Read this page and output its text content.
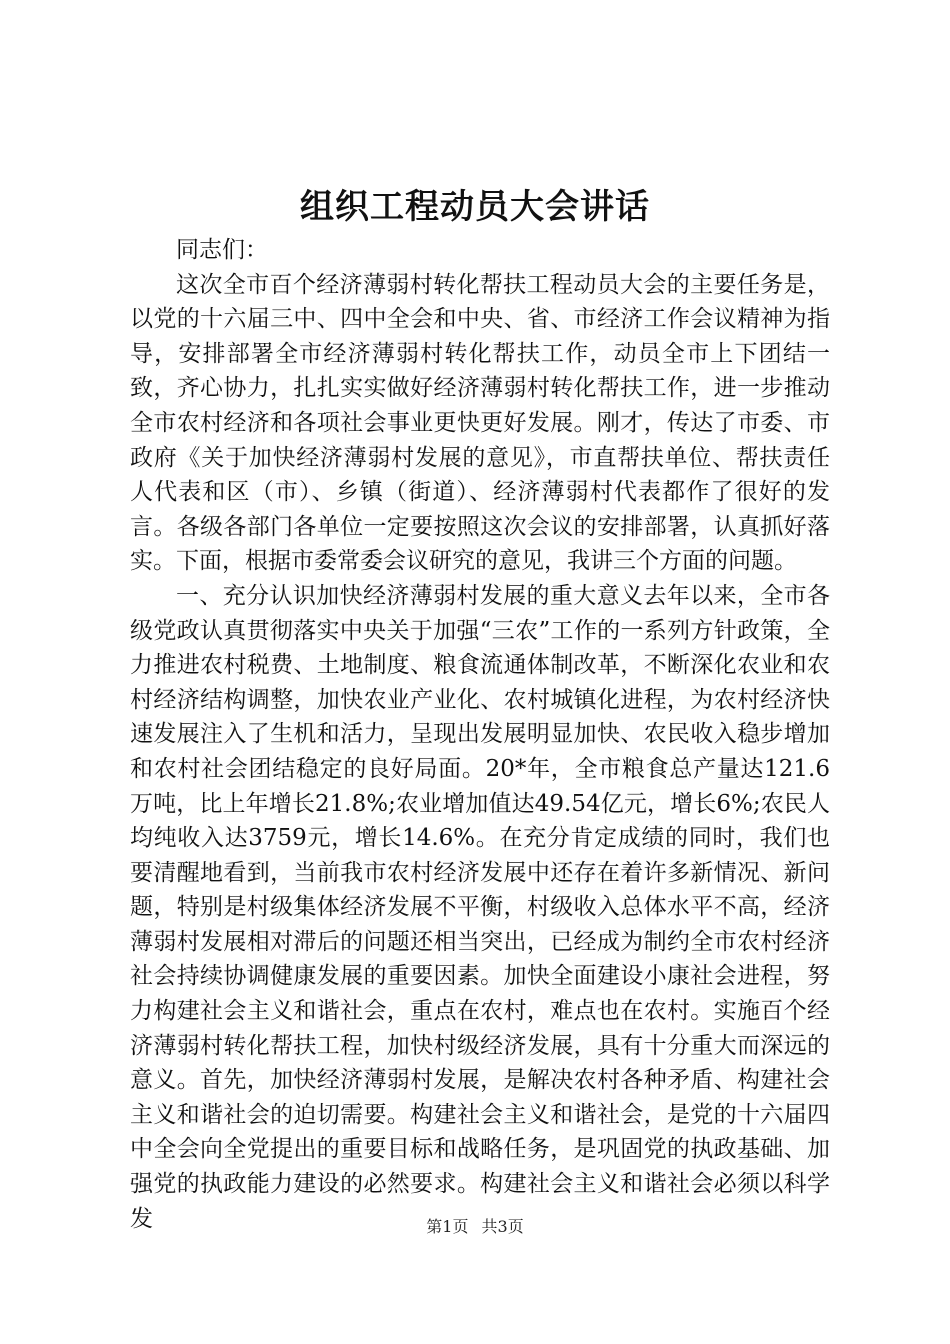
组织工程动员大会讲话

同志们：

这次全市百个经济薄弱村转化帮扶工程动员大会的主要任务是，以党的十六届三中、四中全会和中央、省、市经济工作会议精神为指导，安排部署全市经济薄弱村转化帮扶工作，动员全市上下团结一致，齐心协力，扎扎实实做好经济薄弱村转化帮扶工作，进一步推动全市农村经济和各项社会事业更快更好发展。刚才，传达了市委、市政府《关于加快经济薄弱村发展的意见》，市直帮扶单位、帮扶责任人代表和区（市）、乡镇（街道）、经济薄弱村代表都作了很好的发言。各级各部门各单位一定要按照这次会议的安排部署，认真抓好落实。下面，根据市委常委会议研究的意见，我讲三个方面的问题。

一、充分认识加快经济薄弱村发展的重大意义去年以来，全市各级党政认真贯彻落实中央关于加强“三农”工作的一系列方针政策，全力推进农村税费、土地制度、粮食流通体制改革，不断深化农业和农村经济结构调整，加快农业产业化、农村城镇化进程，为农村经济快速发展注入了生机和活力，呈现出发展明显加快、农民收入稳步增加和农村社会团结稳定的良好局面。20*年，全市粮食总产量达121.6万吨，比上年增长21.8%;农业增加值达49.54亿元，增长6%;农民人均纯收入达3759元，增长14.6%。在充分肯定成绩的同时，我们也要清醒地看到，当前我市农村经济发展中还存在着许多新情况、新问题，特别是村级集体经济发展不平衡，村级收入总体水平不高，经济薄弱村发展相对滞后的问题还相当突出，已经成为制约全市农村经济社会持续协调健康发展的重要因素。加快全面建设小康社会进程，努力构建社会主义和谐社会，重点在农村，难点也在农村。实施百个经济薄弱村转化帮扶工程，加快村级经济发展，具有十分重大而深远的意义。首先，加快经济薄弱村发展，是解决农村各种矛盾、构建社会主义和谐社会的迫切需要。构建社会主义和谐社会，是党的十六届四中全会向全党提出的重要目标和战略任务，是巩固党的执政基础、加强党的执政能力建设的必然要求。构建社会主义和谐社会必须以科学发	第1页 共3页
